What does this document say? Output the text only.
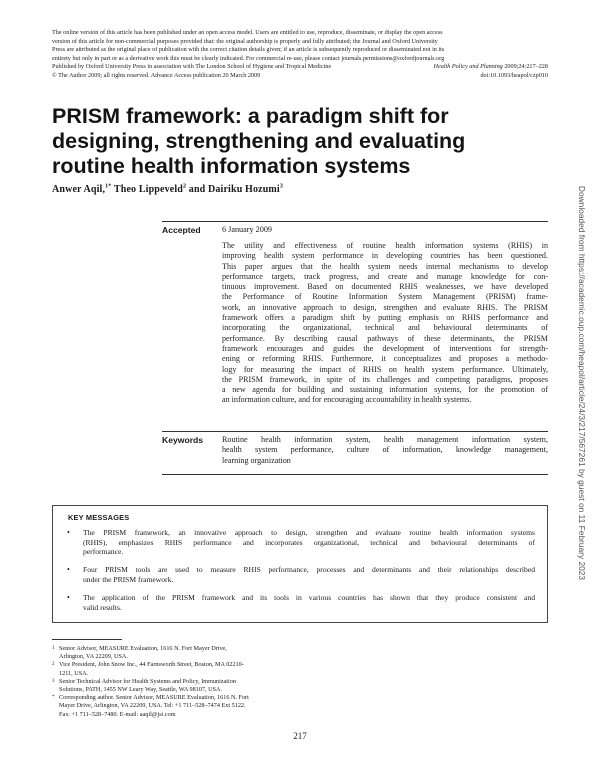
The online version of this article has been published under an open access model. Users are entitled to use, reproduce, disseminate, or display the open access
version of this article for non-commercial purposes provided that: the original authorship is properly and fully attributed; the Journal and Oxford University
Press are attributed as the original place of publication with the correct citation details given; if an article is subsequently reproduced or disseminated not in its
entirety but only in part or as a derivative work this must be clearly indicated. For commercial re-use, please contact journals.permissions@oxfordjournals.org
Published by Oxford University Press in association with The London School of Hygiene and Tropical Medicine	Health Policy and Planning 2009;24:217–228
© The Author 2009; all rights reserved. Advance Access publication 20 March 2009	doi:10.1093/heapol/czp010
PRISM framework: a paradigm shift for
designing, strengthening and evaluating
routine health information systems
Anwer Aqil,$^{1*}$ Theo Lippeveld$^2$ and Dairiku Hozumi$^3$
Accepted	6 January 2009
The utility and effectiveness of routine health information systems (RHIS) in
improving health system performance in developing countries has been questioned.
This paper argues that the health system needs internal mechanisms to develop
performance targets, track progress, and create and manage knowledge for con-
tinuous improvement. Based on documented RHIS weaknesses, we have developed
the Performance of Routine Information System Management (PRISM) frame-
work, an innovative approach to design, strengthen and evaluate RHIS. The PRISM
framework offers a paradigm shift by putting emphasis on RHIS performance and
incorporating the organizational, technical and behavioural determinants of
performance. By describing causal pathways of these determinants, the PRISM
framework encourages and guides the development of interventions for strength-
ening or reforming RHIS. Furthermore, it conceptualizes and proposes a methodo-
logy for measuring the impact of RHIS on health system performance. Ultimately,
the PRISM framework, in spite of its challenges and competing paradigms, proposes
a new agenda for building and sustaining information systems, for the promotion of
an information culture, and for encouraging accountability in health systems.
Keywords Routine health information system, health management information system,
health system performance, culture of information, knowledge management,
learning organization
KEY MESSAGES
• The PRISM framework, an innovative approach to design, strengthen and evaluate routine health information systems
(RHIS), emphasizes RHIS performance and incorporates organizational, technical and behavioural determinants of
performance.
• Four PRISM tools are used to measure RHIS performance, processes and determinants and their relationships described
under the PRISM framework.
• The application of the PRISM framework and its tools in various countries has shown that they produce consistent and
valid results.
1 Senior Advisor, MEASURE Evaluation, 1616 N. Fort Mayer Drive,
Arlington, VA 22209, USA.
2 Vice President, John Snow Inc., 44 Farnsworth Street, Boston, MA 02210-
1211, USA.
3 Senior Technical Advisor for Health Systems and Policy, Immunization
Solutions, PATH, 1455 NW Leary Way, Seattle, WA 98107, USA.
* Corresponding author. Senior Advisor, MEASURE Evaluation, 1616 N. Fort
Mayer Drive, Arlington, VA 22209, USA. Tel: +1 711–528–7474 Ext 5122.
Fax: +1 711–528–7480. E-mail: aaqil@jsi.com
217
Downloaded from https://academic.oup.com/heapol/article/24/3/217/567261 by guest on 11 February 2023
